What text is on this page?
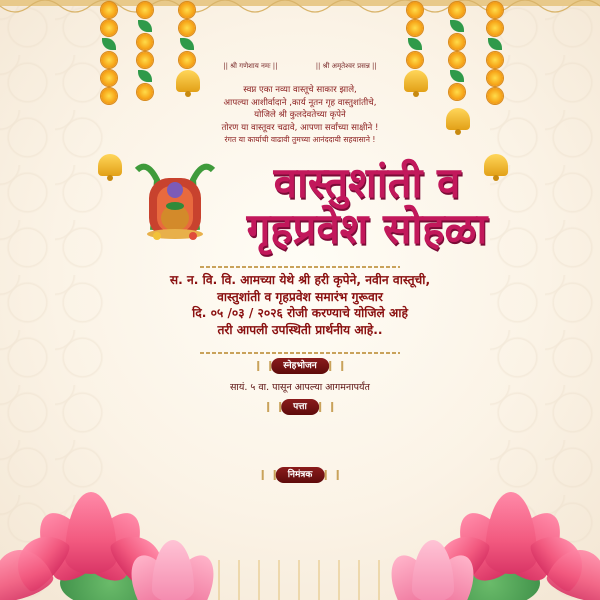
|| श्री गणेशाय नमः ||	|| श्री अमृतेश्वर प्रसन्न ||
स्वप्न एका नव्या वास्तूचे साकार झाले,
आपल्या आशीर्वादाने ,कार्य नूतन गृह वास्तुशांतीचे,
योजिले श्री कुलदेवतेच्या कृपेने
तोरण या वास्तूवर चढावे, आपणा सर्वांच्या साक्षीने !
रंगत या कार्याची वाढावी तुमच्या आनंददायी सहवासाने !
वास्तुशांती व
गृहप्रवेश सोहळा
स. न. वि. वि. आमच्या येथे श्री हरी कृपेने, नवीन वास्तूची,
वास्तुशांती व गृहप्रवेश समारंभ गुरूवार
दि. ०५ /०३ / २०२६ रोजी करण्याचे योजिले आहे
तरी आपली उपस्थिती प्रार्थनीय आहे..
स्नेहभोजन
सायं. ५ वा. पासून आपल्या आगमनापर्यंत
पत्ता
निमंत्रक
